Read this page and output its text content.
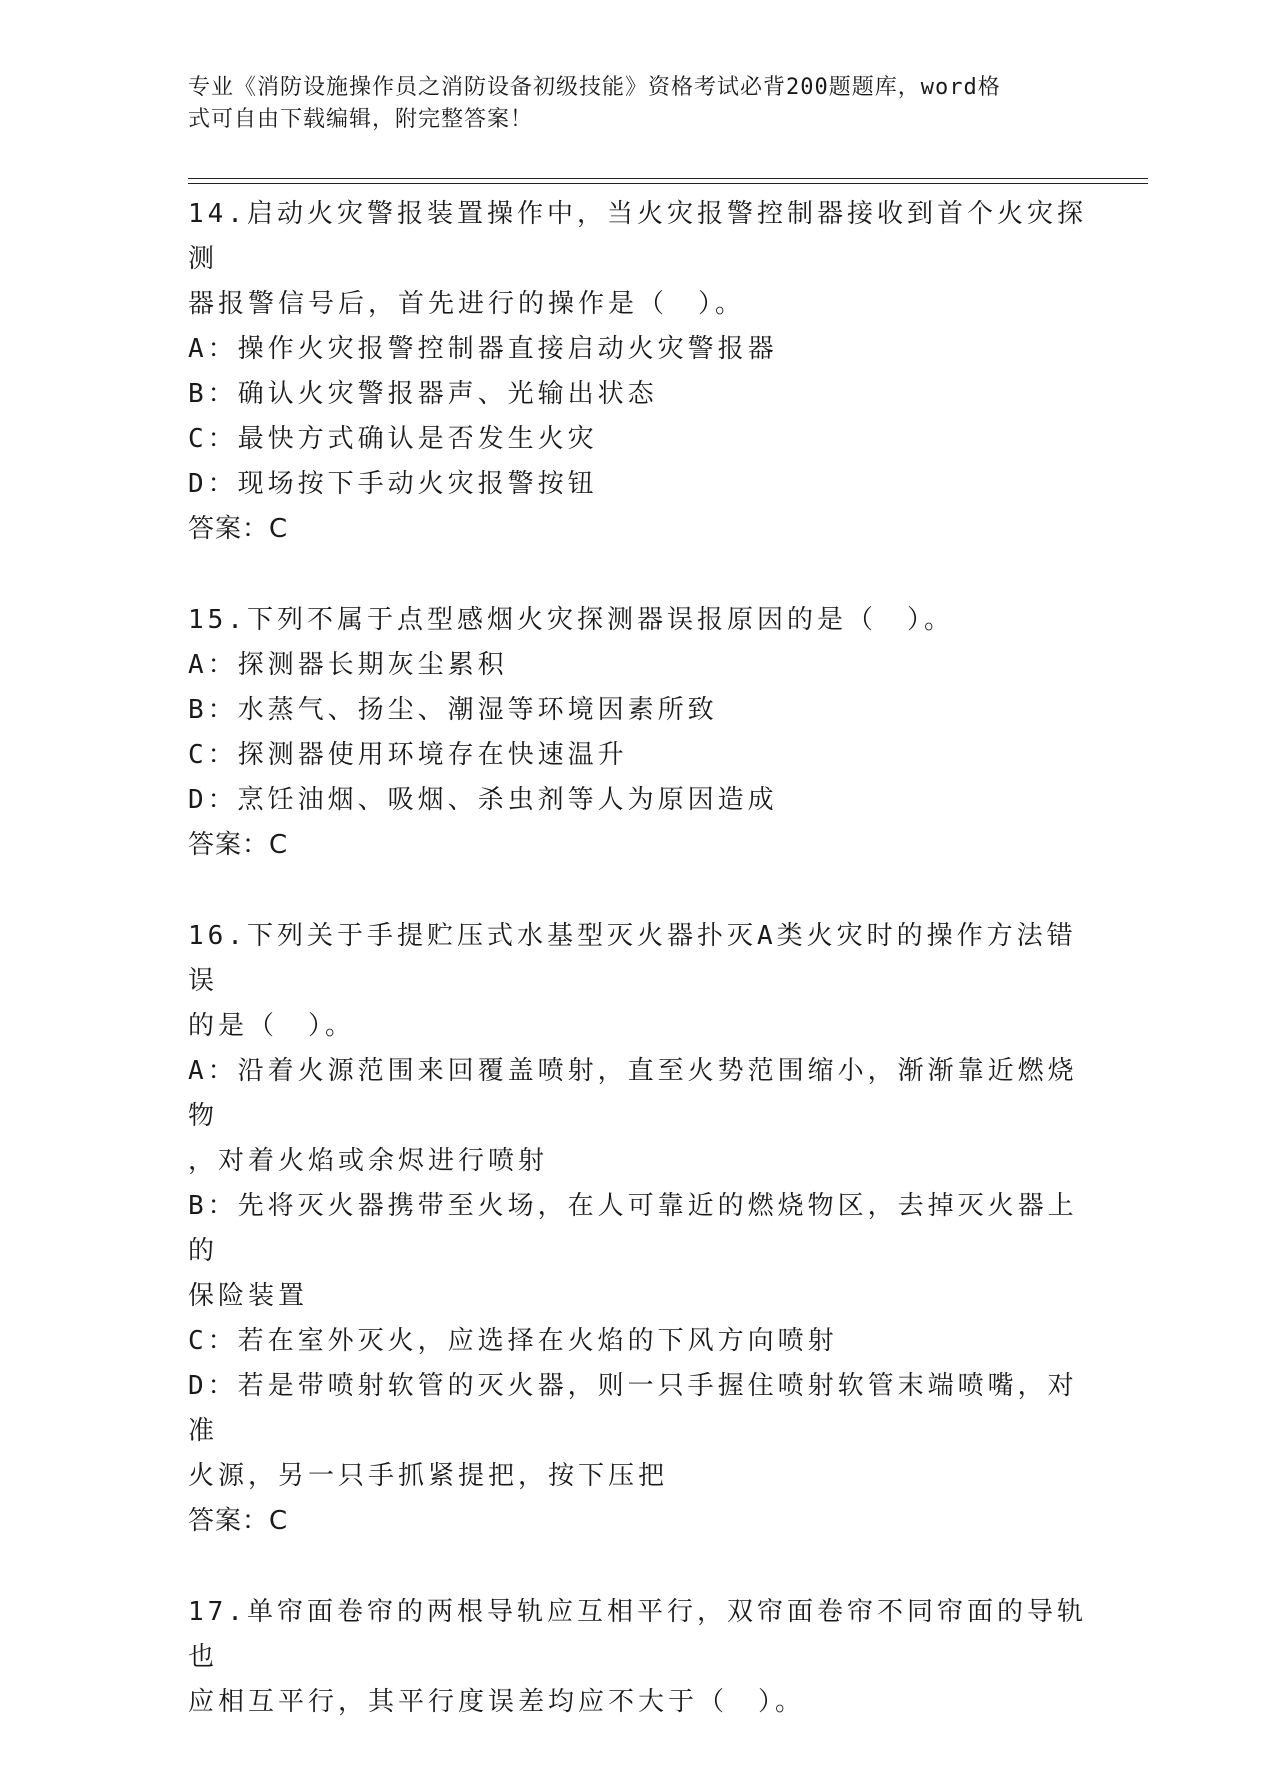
专业《消防设施操作员之消防设备初级技能》资格考试必背200题题库，word格
式可自由下载编辑，附完整答案！
14.启动火灾警报装置操作中，当火灾报警控制器接收到首个火灾探测
器报警信号后，首先进行的操作是（　）。
A：操作火灾报警控制器直接启动火灾警报器
B：确认火灾警报器声、光输出状态
C：最快方式确认是否发生火灾
D：现场按下手动火灾报警按钮
答案：C
15.下列不属于点型感烟火灾探测器误报原因的是（　）。
A：探测器长期灰尘累积
B：水蒸气、扬尘、潮湿等环境因素所致
C：探测器使用环境存在快速温升
D：烹饪油烟、吸烟、杀虫剂等人为原因造成
答案：C
16.下列关于手提贮压式水基型灭火器扑灭A类火灾时的操作方法错误
的是（　）。
A：沿着火源范围来回覆盖喷射，直至火势范围缩小，渐渐靠近燃烧物
，对着火焰或余烬进行喷射
B：先将灭火器携带至火场，在人可靠近的燃烧物区，去掉灭火器上的
保险装置
C：若在室外灭火，应选择在火焰的下风方向喷射
D：若是带喷射软管的灭火器，则一只手握住喷射软管末端喷嘴，对准
火源，另一只手抓紧提把，按下压把
答案：C
17.单帘面卷帘的两根导轨应互相平行，双帘面卷帘不同帘面的导轨也
应相互平行，其平行度误差均应不大于（　）。
